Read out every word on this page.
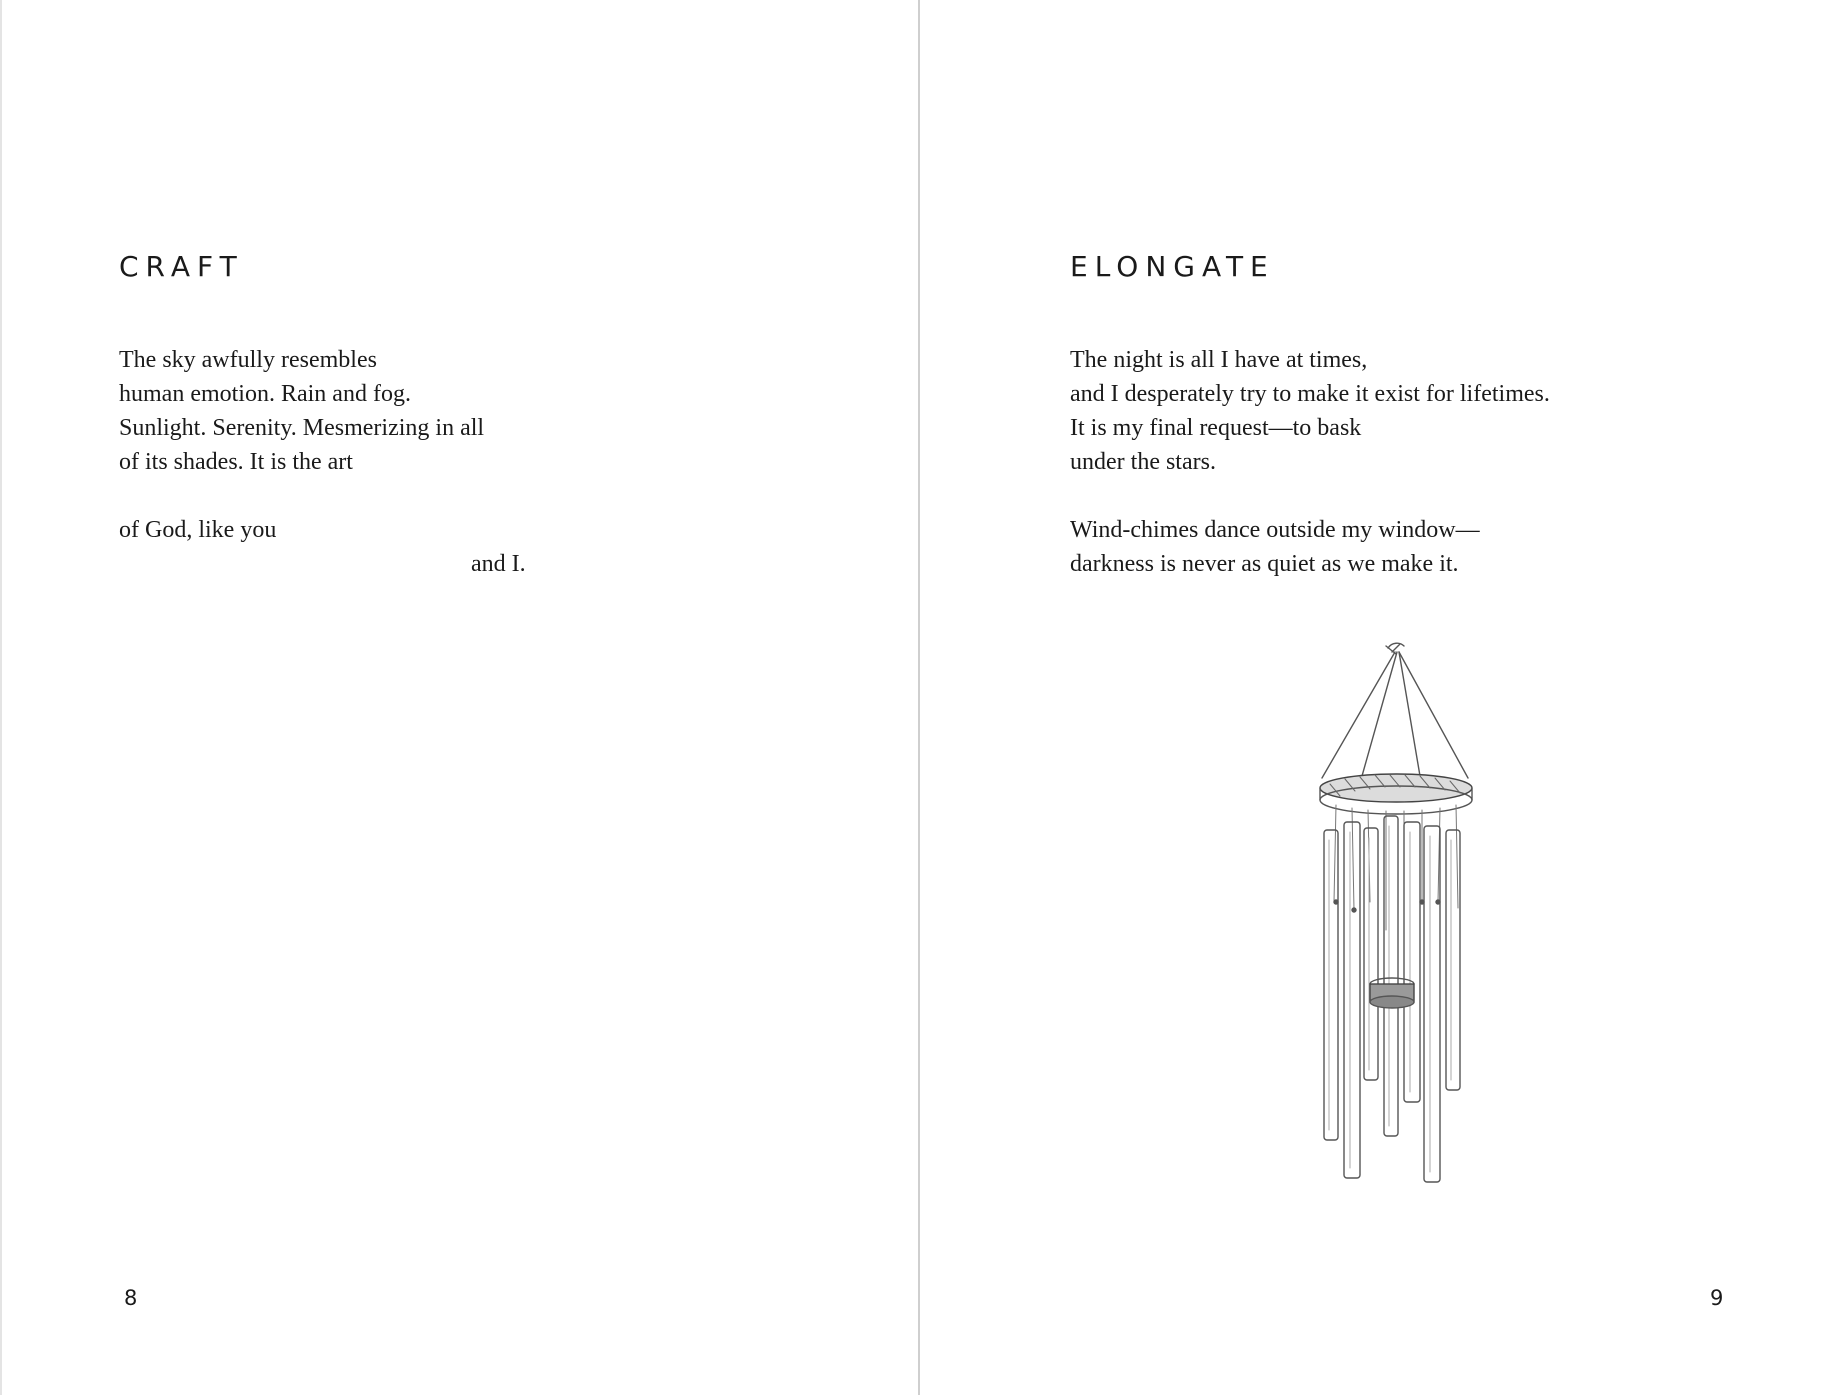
CRAFT
The sky awfully resembles
human emotion. Rain and fog.
Sunlight. Serenity. Mesmerizing in all
of its shades. It is the art
of God, like you
and I.
8
ELONGATE
The night is all I have at times,
and I desperately try to make it exist for lifetimes.
It is my final request—to bask
under the stars.
Wind-chimes dance outside my window—
darkness is never as quiet as we make it.
9
